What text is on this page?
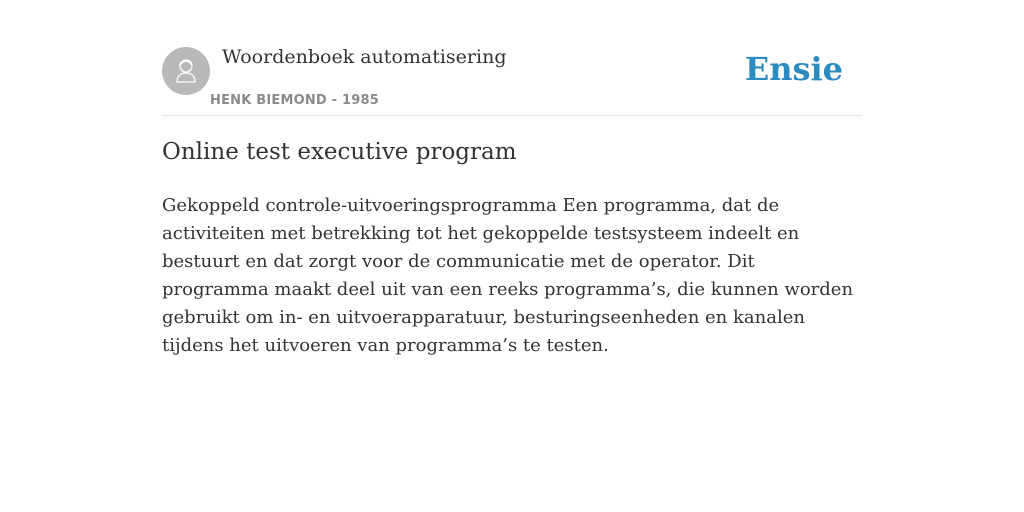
Woordenboek automatisering
HENK BIEMOND - 1985
Ensie
Online test executive program

Gekoppeld controle-uitvoeringsprogramma Een programma, dat de activiteiten met betrekking tot het gekoppelde testsysteem indeelt en bestuurt en dat zorgt voor de communicatie met de operator. Dit programma maakt deel uit van een reeks programma’s, die kunnen worden gebruikt om in- en uitvoerapparatuur, besturingseenheden en kanalen tijdens het uitvoeren van programma’s te testen.
